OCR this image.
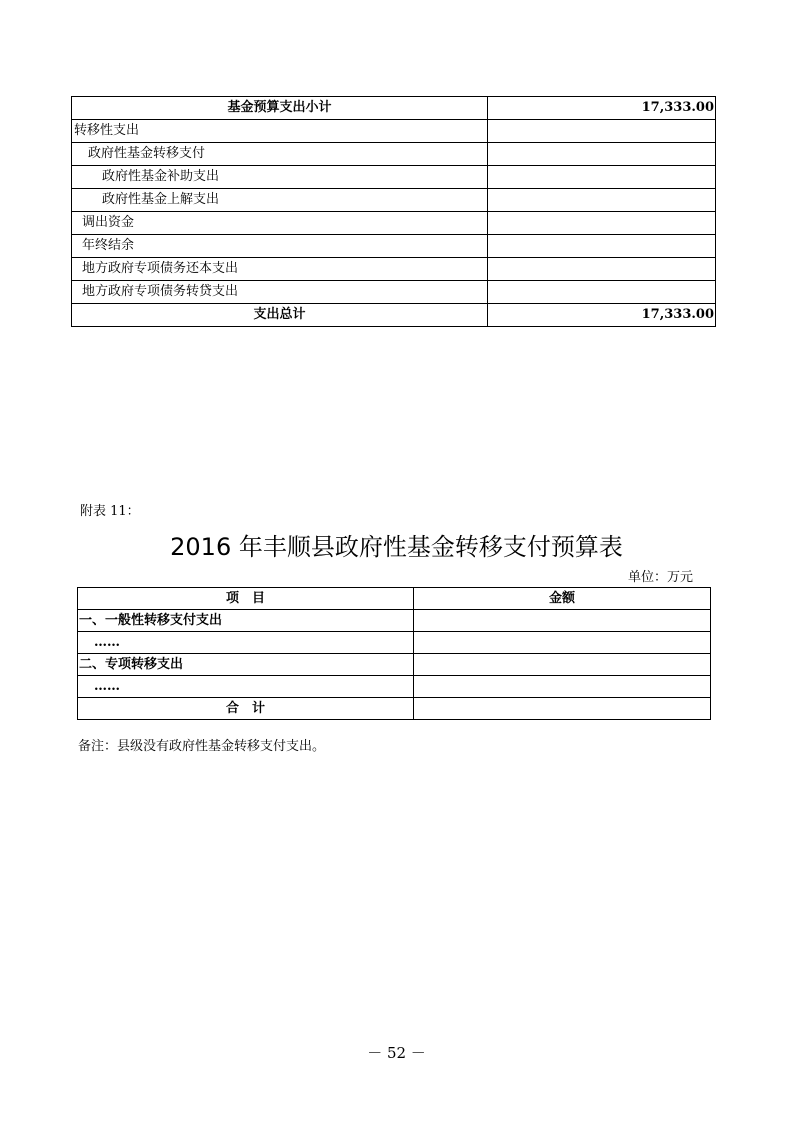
基金预算支出小计	17,333.00
转移性支出	
政府性基金转移支付	
政府性基金补助支出	
政府性基金上解支出	
调出资金	
年终结余	
地方政府专项债务还本支出	
地方政府专项债务转贷支出	
支出总计	17,333.00
附表 11：
2016 年丰顺县政府性基金转移支付预算表
单位：万元
项　目	金额
一、一般性转移支付支出	
……	
二、专项转移支出	
……	
合　计	
备注：县级没有政府性基金转移支付支出。
－ 52 －
